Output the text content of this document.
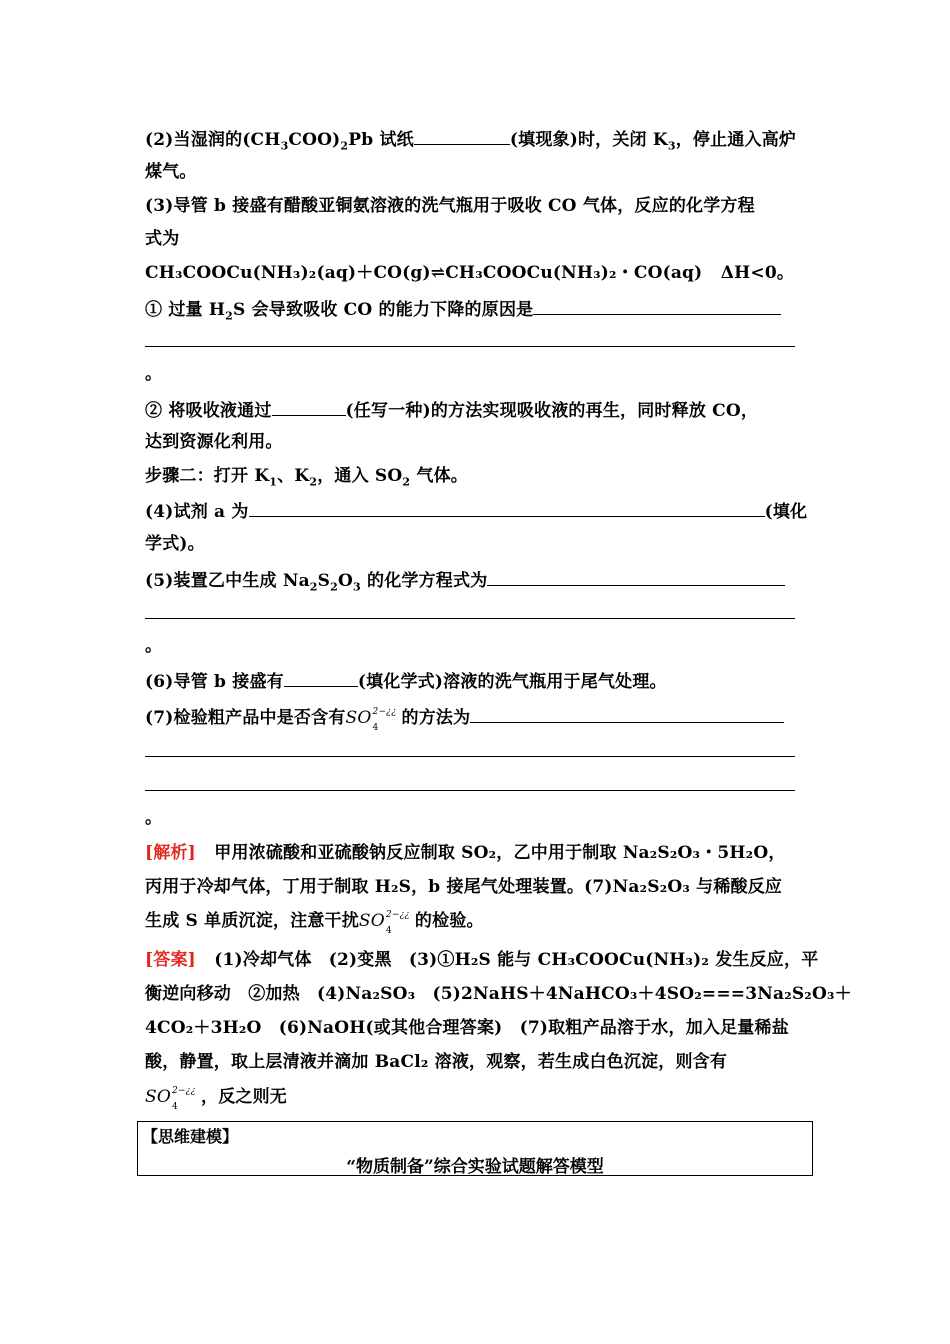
(2)当湿润的$(CH_3COO)_2Pb$ 试纸	(填现象)时，关闭 $K_3$，停止通入高炉
煤气。
(3)导管 b 接盛有醋酸亚铜氨溶液的洗气瓶用于吸收 CO 气体，反应的化学方程
式为
CH₃COOCu(NH₃)₂(aq)＋CO(g)⇌CH₃COOCu(NH₃)₂・CO(aq) ΔH<0。
① 过量 $H_2S$ 会导致吸收 CO 的能力下降的原因是
。
② 将吸收液通过	(任写一种)的方法实现吸收液的再生，同时释放 CO，
达到资源化利用。
步骤二：打开 $K_1$、$K_2$，通入 $SO_2$ 气体。
(4)试剂 a 为	(填化
学式)。
(5)装置乙中生成 $Na_2S_2O_3$ 的化学方程式为
。
(6)导管 b 接盛有	(填化学式)溶液的洗气瓶用于尾气处理。
(7)检验粗产品中是否含有SO 2−¿¿
4 的方法为
。
[解析] 甲用浓硫酸和亚硫酸钠反应制取 SO₂，乙中用于制取 Na₂S₂O₃・5H₂O，
丙用于冷却气体，丁用于制取 H₂S，b 接尾气处理装置。(7)Na₂S₂O₃ 与稀酸反应
生成 S 单质沉淀，注意干扰SO 2−¿¿
4 的检验。
[答案] (1)冷却气体　(2)变黑　(3)①H₂S 能与 CH₃COOCu(NH₃)₂ 发生反应，平
衡逆向移动　②加热　(4)Na₂SO₃　(5)2NaHS＋4NaHCO₃＋4SO₂===3Na₂S₂O₃＋
4CO₂＋3H₂O　(6)NaOH(或其他合理答案)　(7)取粗产品溶于水，加入足量稀盐
酸，静置，取上层清液并滴加 BaCl₂ 溶液，观察，若生成白色沉淀，则含有
SO 2−¿¿
4 ，反之则无
【思维建模】
“物质制备”综合实验试题解答模型
